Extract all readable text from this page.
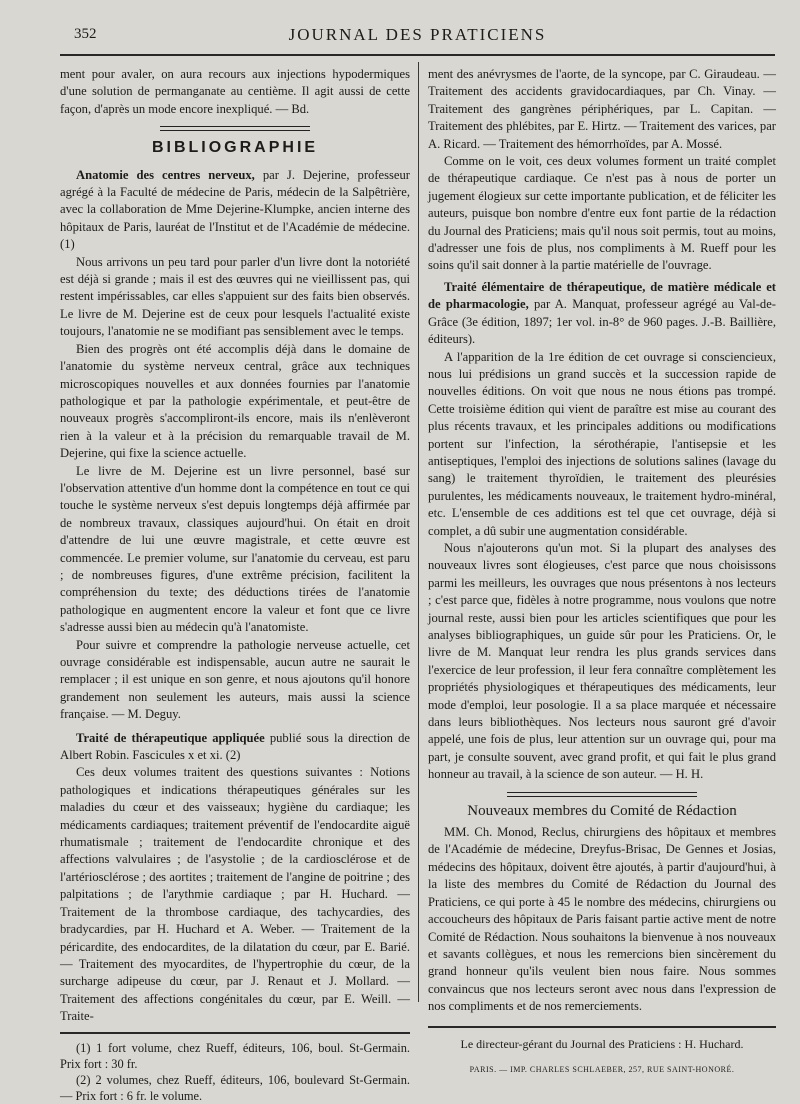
352	JOURNAL DES PRATICIENS

ment pour avaler, on aura recours aux injections hypodermiques d'une solution de permanganate au centième. Il agit aussi de cette façon, d'après un mode encore inexpliqué. — Bd.

BIBLIOGRAPHIE

Anatomie des centres nerveux, par J. Dejerine, professeur agrégé à la Faculté de médecine de Paris, médecin de la Salpêtrière, avec la collaboration de Mme Dejerine-Klumpke, ancien interne des hôpitaux de Paris, lauréat de l'Institut et de l'Académie de médecine. (1)

Nous arrivons un peu tard pour parler d'un livre dont la notoriété est déjà si grande ; mais il est des œuvres qui ne vieillissent pas, qui restent impérissables, car elles s'appuient sur des faits bien observés. Le livre de M. Dejerine est de ceux pour lesquels l'actualité existe toujours, l'anatomie ne se modifiant pas sensiblement avec le temps.

Bien des progrès ont été accomplis déjà dans le domaine de l'anatomie du système nerveux central, grâce aux techniques microscopiques nouvelles et aux données fournies par l'anatomie pathologique et par la pathologie expérimentale, et peut-être de nouveaux progrès s'accompliront-ils encore, mais ils n'enlèveront rien à la valeur et à la précision du remarquable travail de M. Dejerine, qui fixe la science actuelle.

Le livre de M. Dejerine est un livre personnel, basé sur l'observation attentive d'un homme dont la compétence en tout ce qui touche le système nerveux s'est depuis longtemps déjà affirmée par de nombreux travaux, classiques aujourd'hui. On était en droit d'attendre de lui une œuvre magistrale, et cette œuvre est commencée. Le premier volume, sur l'anatomie du cerveau, est paru ; de nombreuses figures, d'une extrême précision, facilitent la compréhension du texte; des déductions tirées de l'anatomie pathologique en augmentent encore la valeur et font que ce livre s'adresse aussi bien au médecin qu'à l'anatomiste.

Pour suivre et comprendre la pathologie nerveuse actuelle, cet ouvrage considérable est indispensable, aucun autre ne saurait le remplacer ; il est unique en son genre, et nous ajoutons qu'il honore grandement non seulement les auteurs, mais aussi la science française. — M. Deguy.

Traité de thérapeutique appliquée publié sous la direction de Albert Robin. Fascicules x et xi. (2)

Ces deux volumes traitent des questions suivantes : Notions pathologiques et indications thérapeutiques générales sur les maladies du cœur et des vaisseaux; hygiène du cardiaque; les médicaments cardiaques; traitement préventif de l'endocardite aiguë rhumatismale ; traitement de l'endocardite chronique et des affections valvulaires ; de l'asystolie ; de la cardiosclérose et de l'artériosclérose ; des aortites ; traitement de l'angine de poitrine ; des palpitations ; de l'arythmie cardiaque ; par H. Huchard. — Traitement de la thrombose cardiaque, des tachycardies, des bradycardies, par H. Huchard et A. Weber. — Traitement de la péricardite, des endocardites, de la dilatation du cœur, par E. Barié. — Traitement des myocardites, de l'hypertrophie du cœur, de la surcharge adipeuse du cœur, par J. Renaut et J. Mollard. — Traitement des affections congénitales du cœur, par E. Weill. — Traite-

(1) 1 fort volume, chez Rueff, éditeurs, 106, boul. St-Germain. Prix fort : 30 fr.

(2) 2 volumes, chez Rueff, éditeurs, 106, boulevard St-Germain. — Prix fort : 6 fr. le volume.

ment des anévrysmes de l'aorte, de la syncope, par C. Giraudeau. — Traitement des accidents gravidocardiaques, par Ch. Vinay. — Traitement des gangrènes périphériques, par L. Capitan. — Traitement des phlébites, par E. Hirtz. — Traitement des varices, par A. Ricard. — Traitement des hémorrhoïdes, par A. Mossé.

Comme on le voit, ces deux volumes forment un traité complet de thérapeutique cardiaque. Ce n'est pas à nous de porter un jugement élogieux sur cette importante publication, et de féliciter les auteurs, puisque bon nombre d'entre eux font partie de la rédaction du Journal des Praticiens; mais qu'il nous soit permis, tout au moins, d'adresser une fois de plus, nos compliments à M. Rueff pour les soins qu'il sait donner à la partie matérielle de l'ouvrage.

Traité élémentaire de thérapeutique, de matière médicale et de pharmacologie, par A. Manquat, professeur agrégé au Val-de-Grâce (3e édition, 1897; 1er vol. in-8° de 960 pages. J.-B. Baillière, éditeurs).

A l'apparition de la 1re édition de cet ouvrage si consciencieux, nous lui prédisions un grand succès et la succession rapide de nouvelles éditions. On voit que nous ne nous étions pas trompé. Cette troisième édition qui vient de paraître est mise au courant des plus récents travaux, et les principales additions ou modifications portent sur l'infection, la sérothérapie, l'antisepsie et les antiseptiques, l'emploi des injections de solutions salines (lavage du sang) le traitement thyroïdien, le traitement des pleurésies purulentes, les médicaments nouveaux, le traitement hydro-minéral, etc. L'ensemble de ces additions est tel que cet ouvrage, déjà si complet, a dû subir une augmentation considérable.

Nous n'ajouterons qu'un mot. Si la plupart des analyses des nouveaux livres sont élogieuses, c'est parce que nous choisissons parmi les meilleurs, les ouvrages que nous présentons à nos lecteurs ; c'est parce que, fidèles à notre programme, nous voulons que notre journal reste, aussi bien pour les articles scientifiques que pour les analyses bibliographiques, un guide sûr pour les Praticiens. Or, le livre de M. Manquat leur rendra les plus grands services dans l'exercice de leur profession, il leur fera connaître complètement les propriétés physiologiques et thérapeutiques des médicaments, leur mode d'emploi, leur posologie. Il a sa place marquée et nécessaire dans leurs bibliothèques. Nos lecteurs nous sauront gré d'avoir appelé, une fois de plus, leur attention sur un ouvrage qui, pour ma part, je consulte souvent, avec grand profit, et qui fait le plus grand honneur au travail, à la science de son auteur. — H. H.

Nouveaux membres du Comité de Rédaction

MM. Ch. Monod, Reclus, chirurgiens des hôpitaux et membres de l'Académie de médecine, Dreyfus-Brisac, De Gennes et Josias, médecins des hôpitaux, doivent être ajoutés, à partir d'aujourd'hui, à la liste des membres du Comité de Rédaction du Journal des Praticiens, ce qui porte à 45 le nombre des médecins, chirurgiens ou accoucheurs des hôpitaux de Paris faisant partie active ment de notre Comité de Rédaction. Nous souhaitons la bienvenue à nos nouveaux et savants collègues, et nous les remercions bien sincèrement du grand honneur qu'ils veulent bien nous faire. Nous sommes convaincus que nos lecteurs seront avec nous dans l'expression de nos compliments et de nos remerciements.

Le directeur-gérant du Journal des Praticiens : H. Huchard.
PARIS. — IMP. CHARLES SCHLAEBER, 257, RUE SAINT-HONORÉ.
